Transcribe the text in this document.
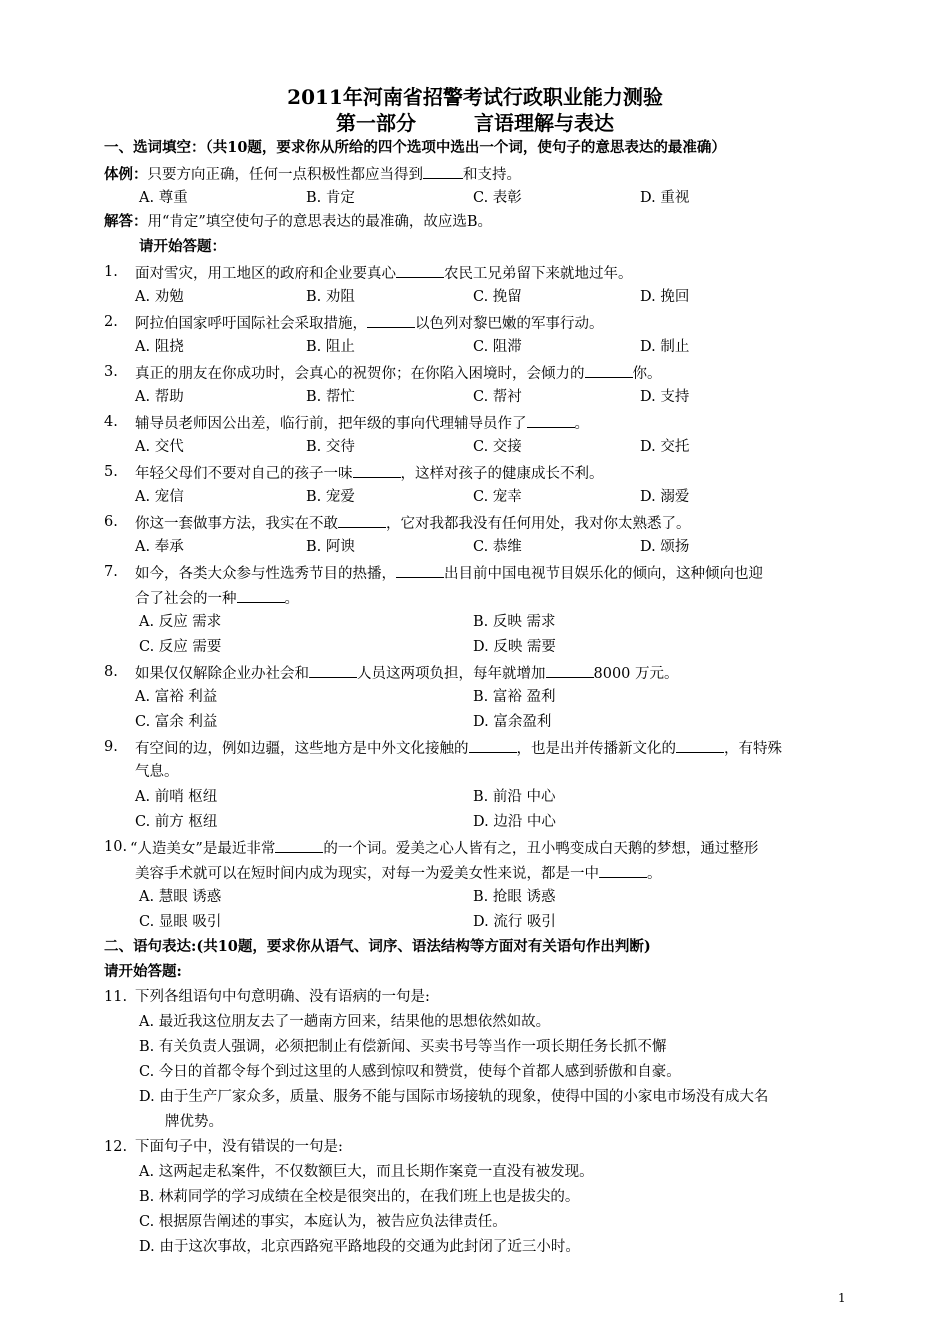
2011年河南省招警考试行政职业能力测验
第一部分	言语理解与表达
一、选词填空：（共10题，要求你从所给的四个选项中选出一个词，使句子的意思表达的最准确）
体例：只要方向正确，任何一点积极性都应当得到	和支持。
A. 尊重	B. 肯定	C. 表彰	D. 重视
解答：用“肯定”填空使句子的意思表达的最准确，故应选B。
请开始答题：
1. 面对雪灾，用工地区的政府和企业要真心	农民工兄弟留下来就地过年。
A. 劝勉	B. 劝阻	C. 挽留	D. 挽回
2. 阿拉伯国家呼吁国际社会采取措施，	以色列对黎巴嫩的军事行动。
A. 阻挠	B. 阻止	C. 阻滞	D. 制止
3. 真正的朋友在你成功时，会真心的祝贺你；在你陷入困境时，会倾力的	你。
A. 帮助	B. 帮忙	C. 帮衬	D. 支持
4. 辅导员老师因公出差，临行前，把年级的事向代理辅导员作了	。
A. 交代	B. 交待	C. 交接	D. 交托
5. 年轻父母们不要对自己的孩子一味	，这样对孩子的健康成长不利。
A. 宠信	B. 宠爱	C. 宠幸	D. 溺爱
6. 你这一套做事方法，我实在不敢	，它对我都我没有任何用处，我对你太熟悉了。
A. 奉承	B. 阿谀	C. 恭维	D. 颂扬
7. 如今，各类大众参与性选秀节目的热播，	出目前中国电视节目娱乐化的倾向，这种倾向也迎
合了社会的一种	。
A. 反应 需求	B. 反映 需求
C. 反应 需要	D. 反映 需要
8. 如果仅仅解除企业办社会和	人员这两项负担，每年就增加	8000 万元。
A. 富裕 利益	B. 富裕 盈利
C. 富余 利益	D. 富余盈利
9. 有空间的边，例如边疆，这些地方是中外文化接触的	，也是出并传播新文化的	，有特殊
气息。
A. 前哨 枢纽	B. 前沿 中心
C. 前方 枢纽	D. 边沿 中心
10. “人造美女”是最近非常	的一个词。爱美之心人皆有之，丑小鸭变成白天鹅的梦想，通过整形
美容手术就可以在短时间内成为现实，对每一为爱美女性来说，都是一中	。
A. 慧眼 诱惑	B. 抢眼 诱惑
C. 显眼 吸引	D. 流行 吸引
二、语句表达:(共10题，要求你从语气、词序、语法结构等方面对有关语句作出判断)
请开始答题:
11. 下列各组语句中句意明确、没有语病的一句是:
A. 最近我这位朋友去了一趟南方回来，结果他的思想依然如故。
B. 有关负责人强调，必须把制止有偿新闻、买卖书号等当作一项长期任务长抓不懈
C. 今日的首都令每个到过这里的人感到惊叹和赞赏，使每个首都人感到骄傲和自豪。
D. 由于生产厂家众多，质量、服务不能与国际市场接轨的现象，使得中国的小家电市场没有成大名
牌优势。
12. 下面句子中，没有错误的一句是:
A. 这两起走私案件，不仅数额巨大，而且长期作案竟一直没有被发现。
B. 林莉同学的学习成绩在全校是很突出的，在我们班上也是拔尖的。
C. 根据原告阐述的事实，本庭认为，被告应负法律责任。
D. 由于这次事故，北京西路宛平路地段的交通为此封闭了近三小时。
1
